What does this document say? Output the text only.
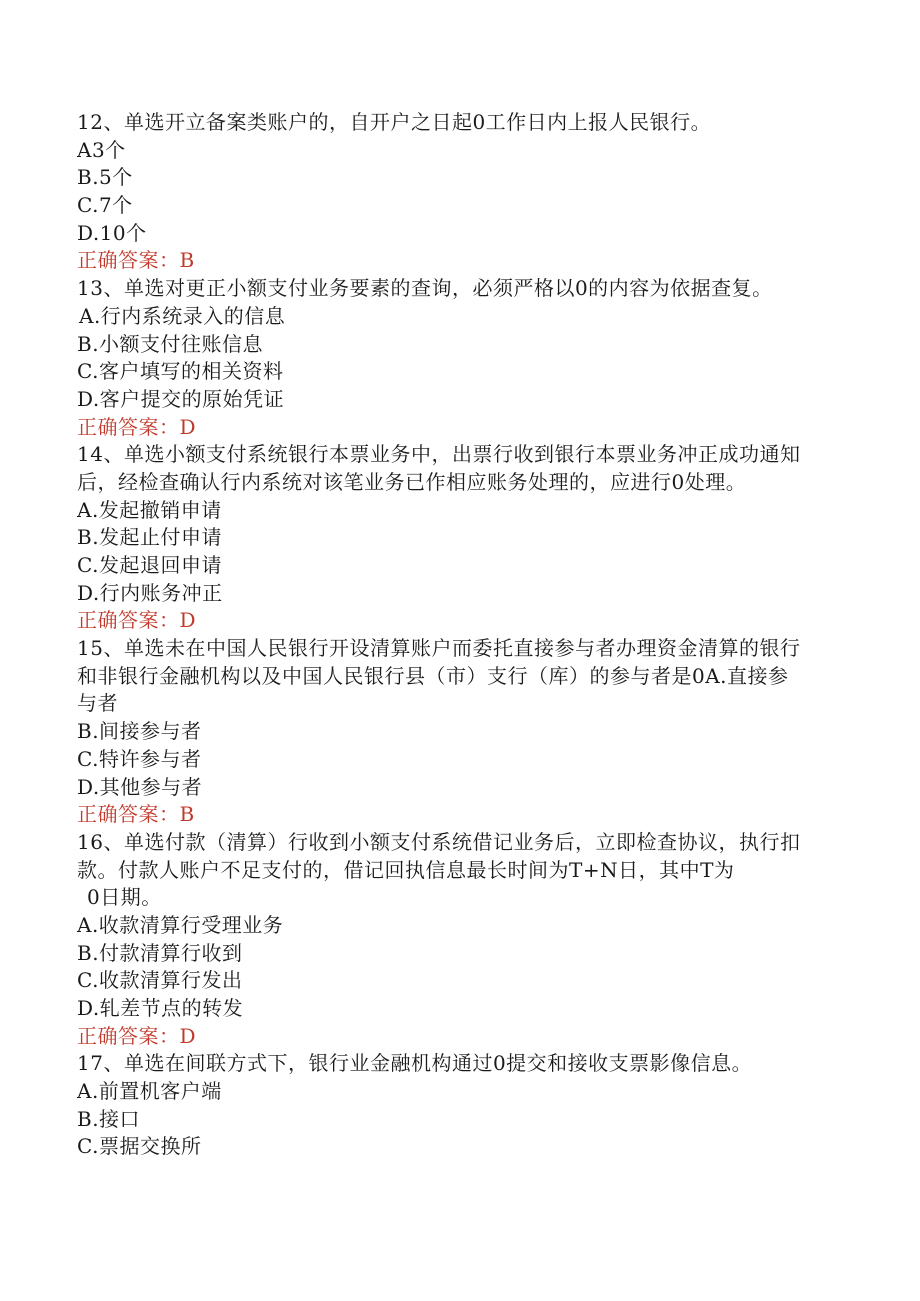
12、单选开立备案类账户的，自开户之日起0工作日内上报人民银行。
A3个
B.5个
C.7个
D.10个
正确答案：B
13、单选对更正小额支付业务要素的查询，必须严格以0的内容为依据查复。
A.行内系统录入的信息
B.小额支付往账信息
C.客户填写的相关资料
D.客户提交的原始凭证
正确答案：D
14、单选小额支付系统银行本票业务中，出票行收到银行本票业务冲正成功通知
后，经检查确认行内系统对该笔业务已作相应账务处理的，应进行0处理。
A.发起撤销申请
B.发起止付申请
C.发起退回申请
D.行内账务冲正
正确答案：D
15、单选未在中国人民银行开设清算账户而委托直接参与者办理资金清算的银行
和非银行金融机构以及中国人民银行县（市）支行（库）的参与者是0A.直接参
与者
B.间接参与者
C.特许参与者
D.其他参与者
正确答案：B
16、单选付款（清算）行收到小额支付系统借记业务后，立即检查协议，执行扣
款。付款人账户不足支付的，借记回执信息最长时间为T+N日，其中T为
0日期。
A.收款清算行受理业务
B.付款清算行收到
C.收款清算行发出
D.轧差节点的转发
正确答案：D
17、单选在间联方式下，银行业金融机构通过0提交和接收支票影像信息。
A.前置机客户端
B.接口
C.票据交换所
